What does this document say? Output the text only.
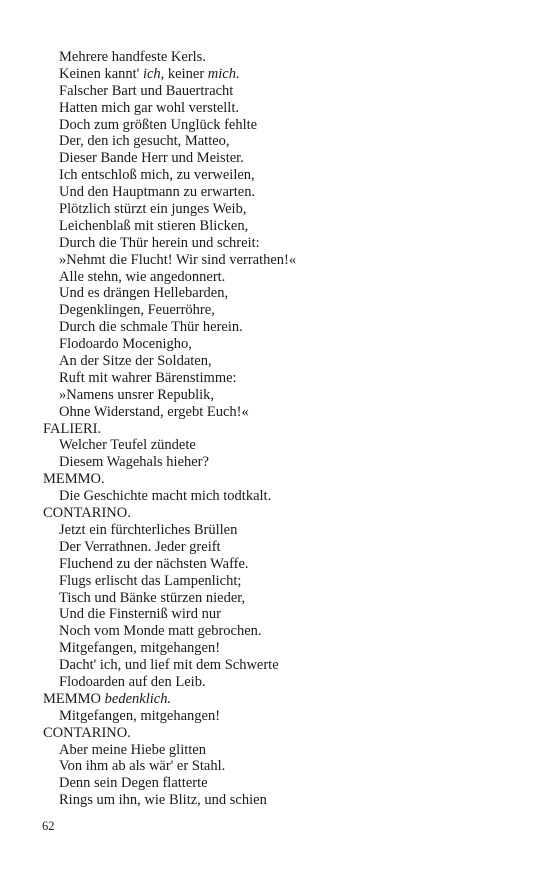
Mehrere handfeste Kerls.
Keinen kannt' ich, keiner mich.
Falscher Bart und Bauertracht
Hatten mich gar wohl verstellt.
Doch zum größten Unglück fehlte
Der, den ich gesucht, Matteo,
Dieser Bande Herr und Meister.
Ich entschloß mich, zu verweilen,
Und den Hauptmann zu erwarten.
Plötzlich stürzt ein junges Weib,
Leichenblaß mit stieren Blicken,
Durch die Thür herein und schreit:
»Nehmt die Flucht! Wir sind verrathen!«
Alle stehn, wie angedonnert.
Und es drängen Hellebarden,
Degenklingen, Feuerröhre,
Durch die schmale Thür herein.
Flodoardo Mocenigho,
An der Sitze der Soldaten,
Ruft mit wahrer Bärenstimme:
»Namens unsrer Republik,
Ohne Widerstand, ergebt Euch!«
FALIERI.
Welcher Teufel zündete
Diesem Wagehals hieher?
MEMMO.
Die Geschichte macht mich todtkalt.
CONTARINO.
Jetzt ein fürchterliches Brüllen
Der Verrathnen. Jeder greift
Fluchend zu der nächsten Waffe.
Flugs erlischt das Lampenlicht;
Tisch und Bänke stürzen nieder,
Und die Finsterniß wird nur
Noch vom Monde matt gebrochen.
Mitgefangen, mitgehangen!
Dacht' ich, und lief mit dem Schwerte
Flodoarden auf den Leib.
MEMMO bedenklich.
Mitgefangen, mitgehangen!
CONTARINO.
Aber meine Hiebe glitten
Von ihm ab als wär' er Stahl.
Denn sein Degen flatterte
Rings um ihn, wie Blitz, und schien
62
